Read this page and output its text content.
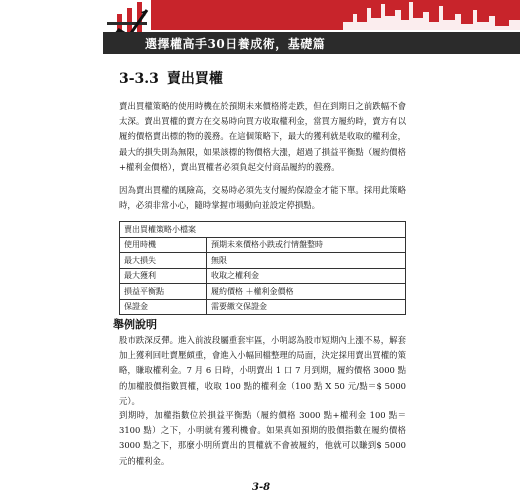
選擇權高手30日養成術，基礎篇
3-3.3 賣出買權

賣出買權策略的使用時機在於預期未來價格將走跌，但在到期日之前跌幅不會太深。賣出買權的賣方在交易時向買方收取權利金，當買方履約時，賣方有以履約價格賣出標的物的義務。在這個策略下，最大的獲利就是收取的權利金，最大的損失則為無限，如果該標的物價格大漲，超過了損益平衡點（履約價格+權利金價格），賣出買權者必須負起交付商品履約的義務。

因為賣出買權的風險高，交易時必須先支付履約保證金才能下單。採用此策略時，必須非常小心，隨時掌握市場動向並設定停損點。

賣出買權策略小檔案	
使用時機	預期未來價格小跌或行情盤整時
最大損失	無限
最大獲利	收取之權利金
損益平衡點	履約價格 ＋權利金價格
保證金	需要繳交保證金
舉例說明

股市跌深反彈。進入前波段屬重套牢區，小明認為股市短期內上漲不易，解套加上獲利回吐賣壓頗重，會進入小幅回檔整理的局面，決定採用賣出買權的策略，賺取權利金。7 月 6 日時，小明賣出 1 口 7 月到期，履約價格 3000 點的加權股價指數買權，收取 100 點的權利金（100 點 X 50 元/點＝$ 5000 元）。

到期時，加權指數位於損益平衡點（履約價格 3000 點+權利金 100 點＝3100 點）之下，小明就有獲利機會。如果真如預期的股價指數在履約價格 3000 點之下，那麼小明所賣出的買權就不會被履約，他就可以賺到$ 5000 元的權利金。

3-8
